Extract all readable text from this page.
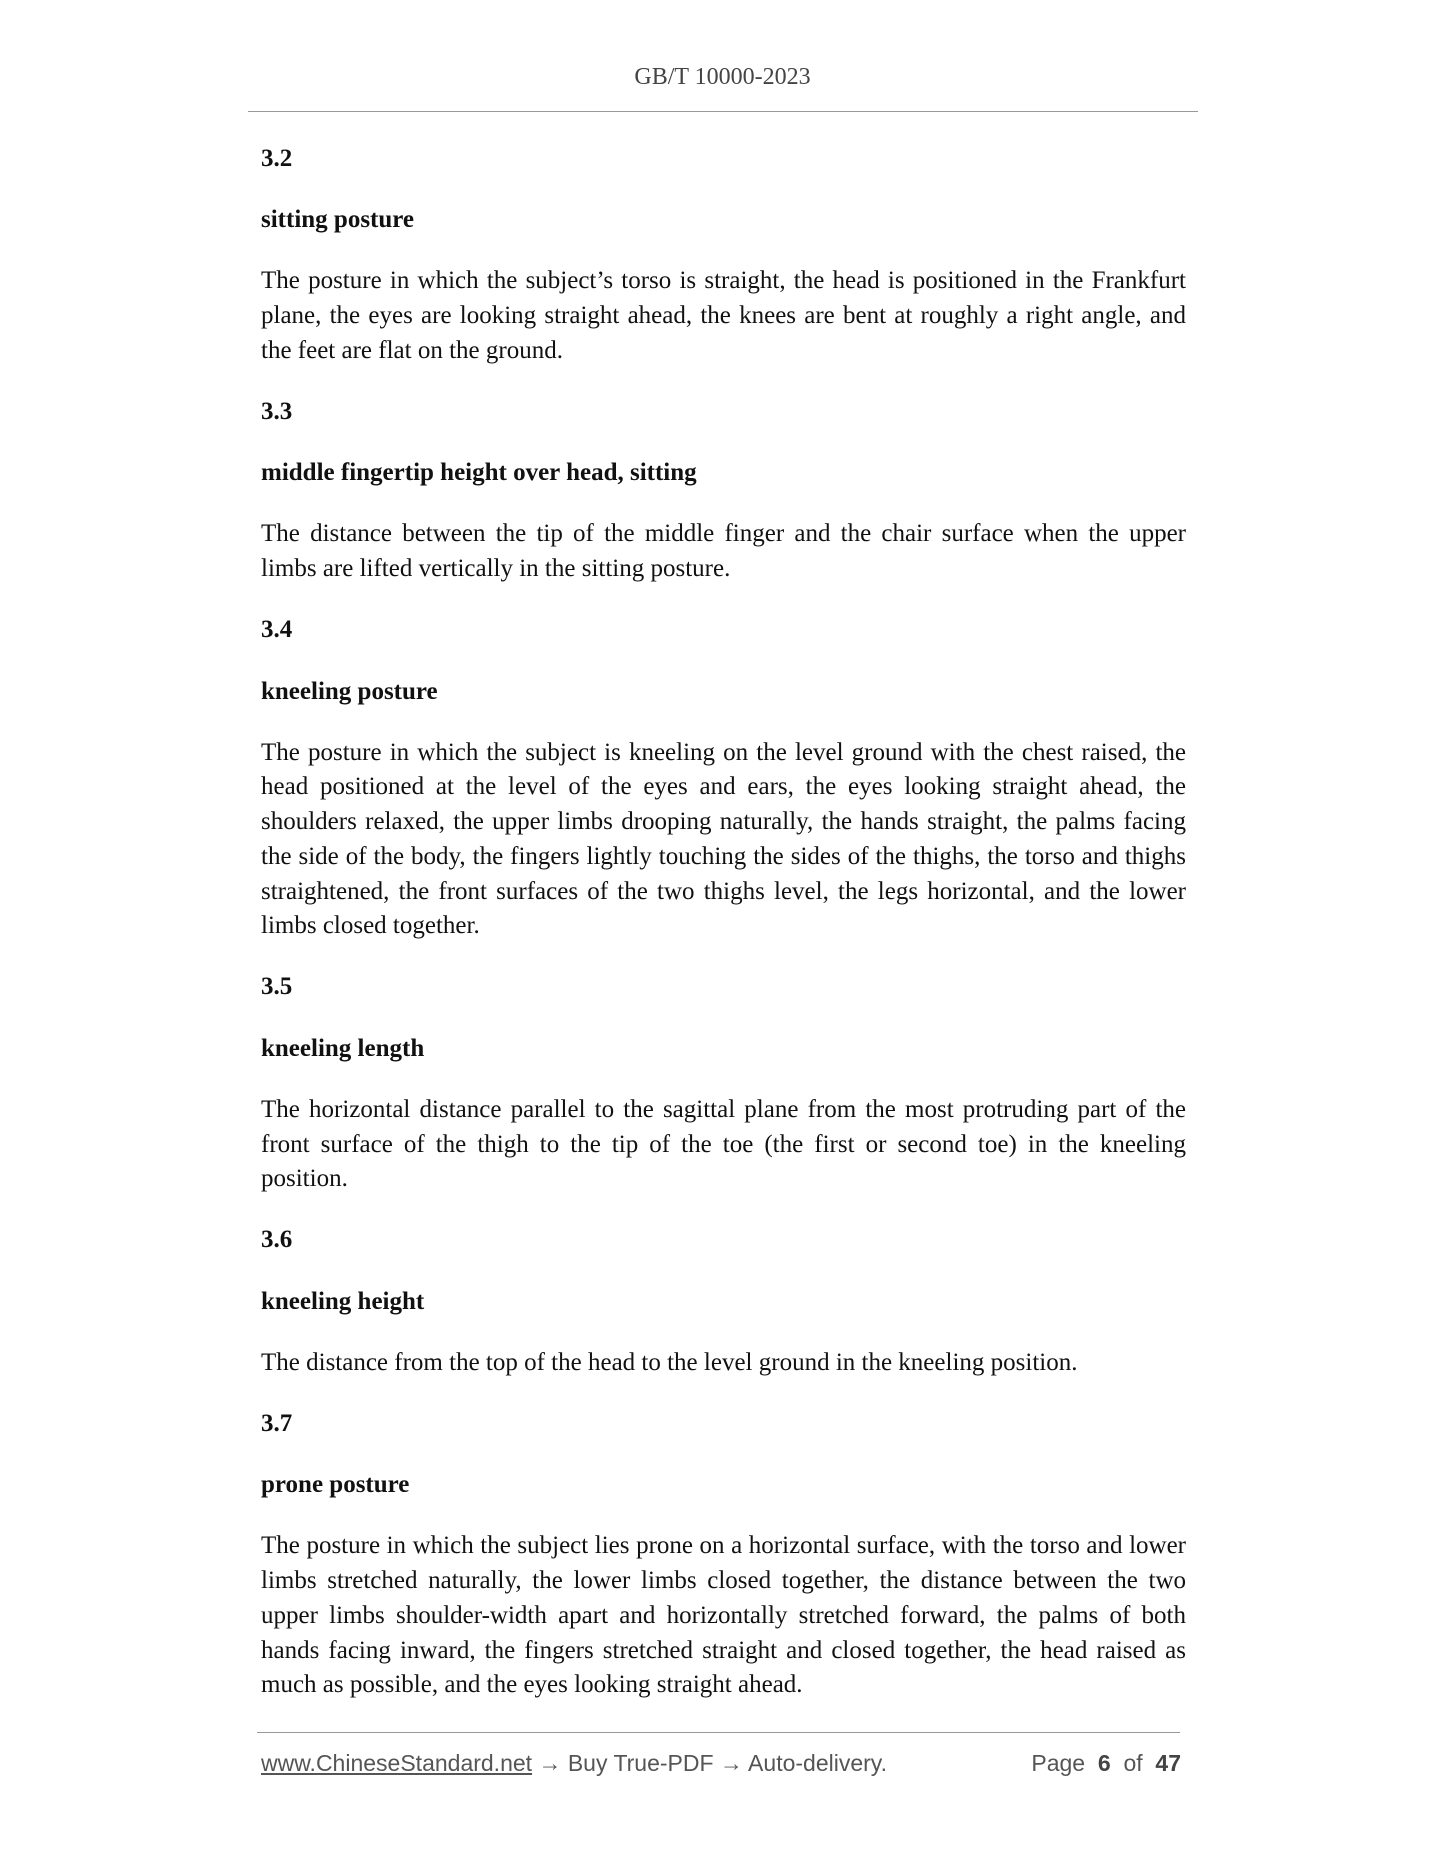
GB/T 10000-2023

3.2

sitting posture

The posture in which the subject’s torso is straight, the head is positioned in the Frankfurt plane, the eyes are looking straight ahead, the knees are bent at roughly a right angle, and the feet are flat on the ground.

3.3

middle fingertip height over head, sitting

The distance between the tip of the middle finger and the chair surface when the upper limbs are lifted vertically in the sitting posture.

3.4

kneeling posture

The posture in which the subject is kneeling on the level ground with the chest raised, the head positioned at the level of the eyes and ears, the eyes looking straight ahead, the shoulders relaxed, the upper limbs drooping naturally, the hands straight, the palms facing the side of the body, the fingers lightly touching the sides of the thighs, the torso and thighs straightened, the front surfaces of the two thighs level, the legs horizontal, and the lower limbs closed together.

3.5

kneeling length

The horizontal distance parallel to the sagittal plane from the most protruding part of the front surface of the thigh to the tip of the toe (the first or second toe) in the kneeling position.

3.6

kneeling height

The distance from the top of the head to the level ground in the kneeling position.

3.7

prone posture

The posture in which the subject lies prone on a horizontal surface, with the torso and lower limbs stretched naturally, the lower limbs closed together, the distance between the two upper limbs shoulder-width apart and horizontally stretched forward, the palms of both hands facing inward, the fingers stretched straight and closed together, the head raised as much as possible, and the eyes looking straight ahead.

www.ChineseStandard.net → Buy True-PDF → Auto-delivery.	Page 6 of 47
